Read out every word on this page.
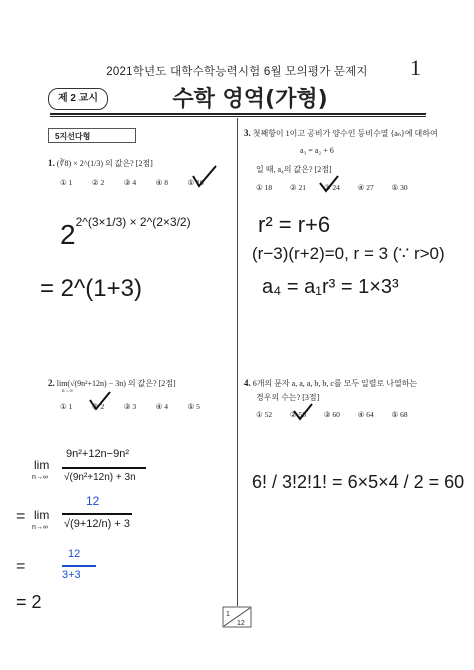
2021학년도 대학수학능력시험 6월 모의평가 문제지	1
제 2 교시	수학 영역(가형)
5지선다형
1. (∛8) × 2^(1/3) 의 값은? [2점]
① 1	② 2	③ 4	④ 8	⑤ 16
$2^{2\^{}(3\times 1/3) \times 2\^{}(2\times 3/2)}$
= 2^(1+3)
2. lim(√(9n²+12n) − 3n) 의 값은? [2점]
n→∞
① 1	② 2	③ 3	④ 4	⑤ 5
lim
n→∞
9n²+12n−9n²
√(9n²+12n) + 3n
= lim
n→∞
12
√(9+12/n) + 3
=
12
3+3
= 2
3. 첫째항이 1이고 공비가 양수인 등비수열 {aₙ}에 대하여
a₃ = a₂ + 6
일 때, a₄의 값은? [2점]
① 18 ② 21 ③ 24 ④ 27 ⑤ 30
r² = r+6
(r−3)(r+2)=0, r = 3 (∵ r>0)
a₄ = a₁r³ = 1×3³
4. 6개의 문자 a, a, a, b, b, c를 모두 일렬로 나열하는
경우의 수는? [3점]
① 52 ② 56 ③ 60 ④ 64 ⑤ 68
6! / 3!2!1! = 6×5×4 / 2 = 60
1
12
